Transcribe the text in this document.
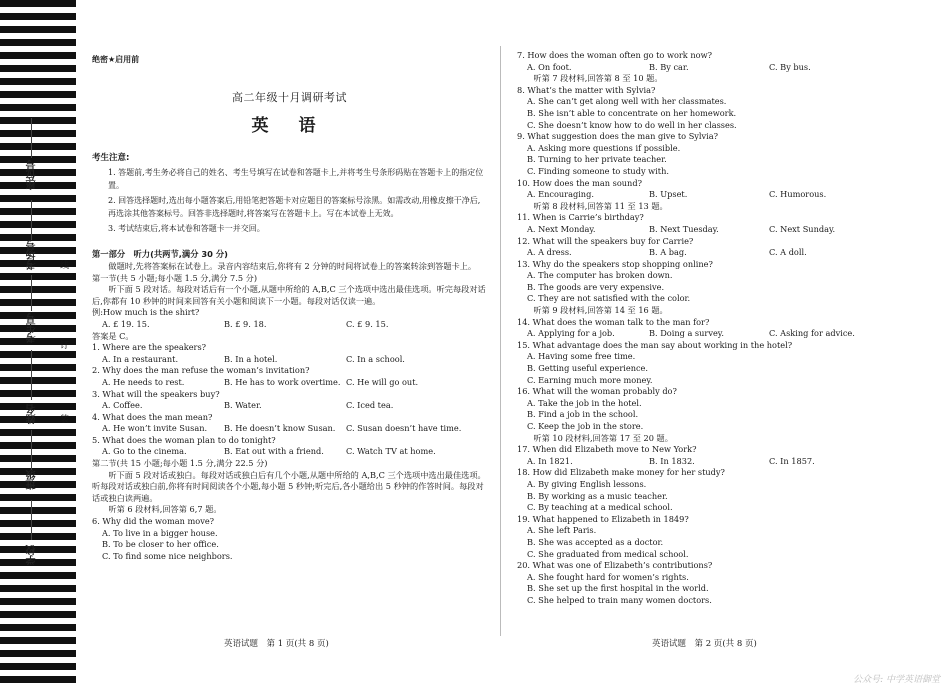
座位号
考场号
考生号
姓名
班级
学校
线
订
装
绝密★启用前
高二年级十月调研考试
英 语
考生注意:

1. 答题前,考生务必将自己的姓名、考生号填写在试卷和答题卡上,并将考生号条形码贴在答题卡上的指定位置。

2. 回答选择题时,选出每小题答案后,用铅笔把答题卡对应题目的答案标号涂黑。如需改动,用橡皮擦干净后,再选涂其他答案标号。回答非选择题时,将答案写在答题卡上。写在本试卷上无效。

3. 考试结束后,将本试卷和答题卡一并交回。

第一部分　听力(共两节,满分 30 分)
做题时,先将答案标在试卷上。录音内容结束后,你将有 2 分钟的时间将试卷上的答案转涂到答题卡上。
第一节(共 5 小题;每小题 1.5 分,满分 7.5 分)
听下面 5 段对话。每段对话后有一个小题,从题中所给的 A,B,C 三个选项中选出最佳选项。听完每段对话后,你都有 10 秒钟的时间来回答有关小题和阅读下一小题。每段对话仅读一遍。
例:How much is the shirt?
A. £ 19. 15.	B. £ 9. 18.	C. £ 9. 15.
答案是 C。
1. Where are the speakers?
A. In a restaurant.	B. In a hotel.	C. In a school.
2. Why does the man refuse the woman’s invitation?
A. He needs to rest.	B. He has to work overtime. C. He will go out.
3. What will the speakers buy?
A. Coffee.	B. Water.	C. Iced tea.
4. What does the man mean?
A. He won’t invite Susan.	B. He doesn’t know Susan.	C. Susan doesn’t have time.
5. What does the woman plan to do tonight?
A. Go to the cinema.	B. Eat out with a friend.	C. Watch TV at home.
第二节(共 15 小题;每小题 1.5 分,满分 22.5 分)
听下面 5 段对话或独白。每段对话或独白后有几个小题,从题中所给的 A,B,C 三个选项中选出最佳选项。听每段对话或独白前,你将有时间阅读各个小题,每小题 5 秒钟;听完后,各小题给出 5 秒钟的作答时间。每段对话或独白读两遍。
听第 6 段材料,回答第 6,7 题。
6. Why did the woman move?
A. To live in a bigger house.
B. To be closer to her office.
C. To find some nice neighbors.
7. How does the woman often go to work now?
A. On foot.	B. By car.	C. By bus.
听第 7 段材料,回答第 8 至 10 题。
8. What’s the matter with Sylvia?
A. She can’t get along well with her classmates.
B. She isn’t able to concentrate on her homework.
C. She doesn’t know how to do well in her classes.
9. What suggestion does the man give to Sylvia?
A. Asking more questions if possible.
B. Turning to her private teacher.
C. Finding someone to study with.
10. How does the man sound?
A. Encouraging.	B. Upset.	C. Humorous.
听第 8 段材料,回答第 11 至 13 题。
11. When is Carrie’s birthday?
A. Next Monday.	B. Next Tuesday.	C. Next Sunday.
12. What will the speakers buy for Carrie?
A. A dress.	B. A bag.	C. A doll.
13. Why do the speakers stop shopping online?
A. The computer has broken down.
B. The goods are very expensive.
C. They are not satisfied with the color.
听第 9 段材料,回答第 14 至 16 题。
14. What does the woman talk to the man for?
A. Applying for a job.	B. Doing a survey.	C. Asking for advice.
15. What advantage does the man say about working in the hotel?
A. Having some free time.
B. Getting useful experience.
C. Earning much more money.
16. What will the woman probably do?
A. Take the job in the hotel.
B. Find a job in the school.
C. Keep the job in the store.
听第 10 段材料,回答第 17 至 20 题。
17. When did Elizabeth move to New York?
A. In 1821.	B. In 1832.	C. In 1857.
18. How did Elizabeth make money for her study?
A. By giving English lessons.
B. By working as a music teacher.
C. By teaching at a medical school.
19. What happened to Elizabeth in 1849?
A. She left Paris.
B. She was accepted as a doctor.
C. She graduated from medical school.
20. What was one of Elizabeth’s contributions?
A. She fought hard for women’s rights.
B. She set up the first hospital in the world.
C. She helped to train many women doctors.
英语试题　第 1 页(共 8 页)	英语试题　第 2 页(共 8 页)
公众号: 中学英语御堂
